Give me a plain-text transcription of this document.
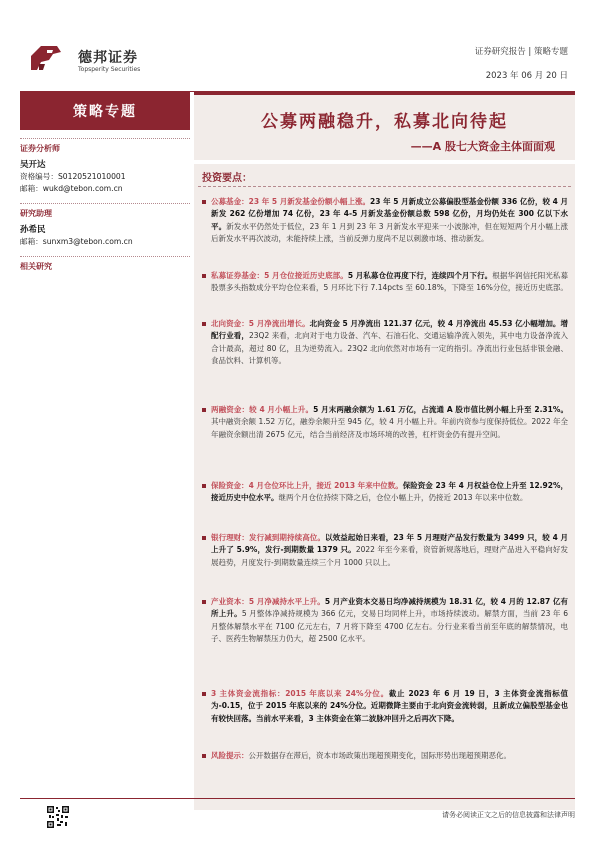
德邦证券
Topsperity Securities
证券研究报告 | 策略专题
2023 年 06 月 20 日
策略专题
证券分析师
吴开达
资格编号：S0120521010001
邮箱：wukd@tebon.com.cn
研究助理
孙希民
邮箱：sunxm3@tebon.com.cn
相关研究
公募两融稳升，私募北向待起
——A 股七大资金主体面面观
投资要点：

公募基金：23 年 5 月新发基金份额小幅上涨。23 年 5 月新成立公募偏股型基金份额 336 亿份，较 4 月新发 262 亿份增加 74 亿份，23 年 4-5 月新发基金份额总数 598 亿份，月均仍处在 300 亿以下水平。新发水平仍然处于低位，23 年 1 月到 23 年 3 月新发水平迎来一小波脉冲，但在短短两个月小幅上涨后新发水平再次波动，未能持续上涨，当前反弹力度尚不足以刺激市场、推动新发。

私募证券基金：5 月仓位接近历史底部。5 月私募仓位再度下行，连续四个月下行。根据华润信托阳光私募股票多头指数成分平均仓位来看，5 月环比下行 7.14pcts 至 60.18%，下降至 16%分位，接近历史底部。

北向资金：5 月净流出增长。北向资金 5 月净流出 121.37 亿元，较 4 月净流出 45.53 亿小幅增加。增配行业看，23Q2 来看，北向对于电力设备、汽车、石油石化、交通运输净流入领先，其中电力设备净流入合计最高，超过 80 亿，且为逆势流入。23Q2 北向依然对市场有一定的指引。净流出行业包括非银金融、食品饮料、计算机等。

两融资金：较 4 月小幅上升。5 月末两融余额为 1.61 万亿，占流通 A 股市值比例小幅上升至 2.31%。其中融资余额 1.52 万亿，融券余额升至 945 亿，较 4 月小幅上升。年前内资参与度保持低位。2022 年全年融资余额出清 2675 亿元，结合当前经济及市场环境的改善，杠杆资金仍有提升空间。

保险资金：4 月仓位环比上升，接近 2013 年来中位数。保险资金 23 年 4 月权益仓位上升至 12.92%，接近历史中位水平。继两个月仓位持续下降之后，仓位小幅上升，仍接近 2013 年以来中位数。

银行理财：发行减到期持续高位。以效益起始日来看，23 年 5 月理财产品发行数量为 3499 只，较 4 月上升了 5.9%，发行-到期数量 1379 只。2022 年至今来看，资管新规落地后，理财产品进入平稳向好发展趋势，月度发行-到期数量连续三个月 1000 只以上。

产业资本：5 月净减持水平上升。5 月产业资本交易日均净减持规模为 18.31 亿，较 4 月的 12.87 亿有所上升。5 月整体净减持规模为 366 亿元，交易日均同样上升，市场持续波动。解禁方面，当前 23 年 6 月整体解禁水平在 7100 亿元左右，7 月将下降至 4700 亿左右。分行业来看当前至年底的解禁情况，电子、医药生物解禁压力仍大，超 2500 亿水平。

3 主体资金流指标：2015 年底以来 24%分位。截止 2023 年 6 月 19 日，3 主体资金流指标值为-0.15，位于 2015 年底以来的 24%分位。近期微降主要由于北向资金流转弱，且新成立偏股型基金也有较快回落。当前水平来看，3 主体资金在第二波脉冲回升之后再次下降。

风险提示：公开数据存在滞后，资本市场政策出现超预期变化，国际形势出现超预期恶化。

请务必阅读正文之后的信息披露和法律声明
